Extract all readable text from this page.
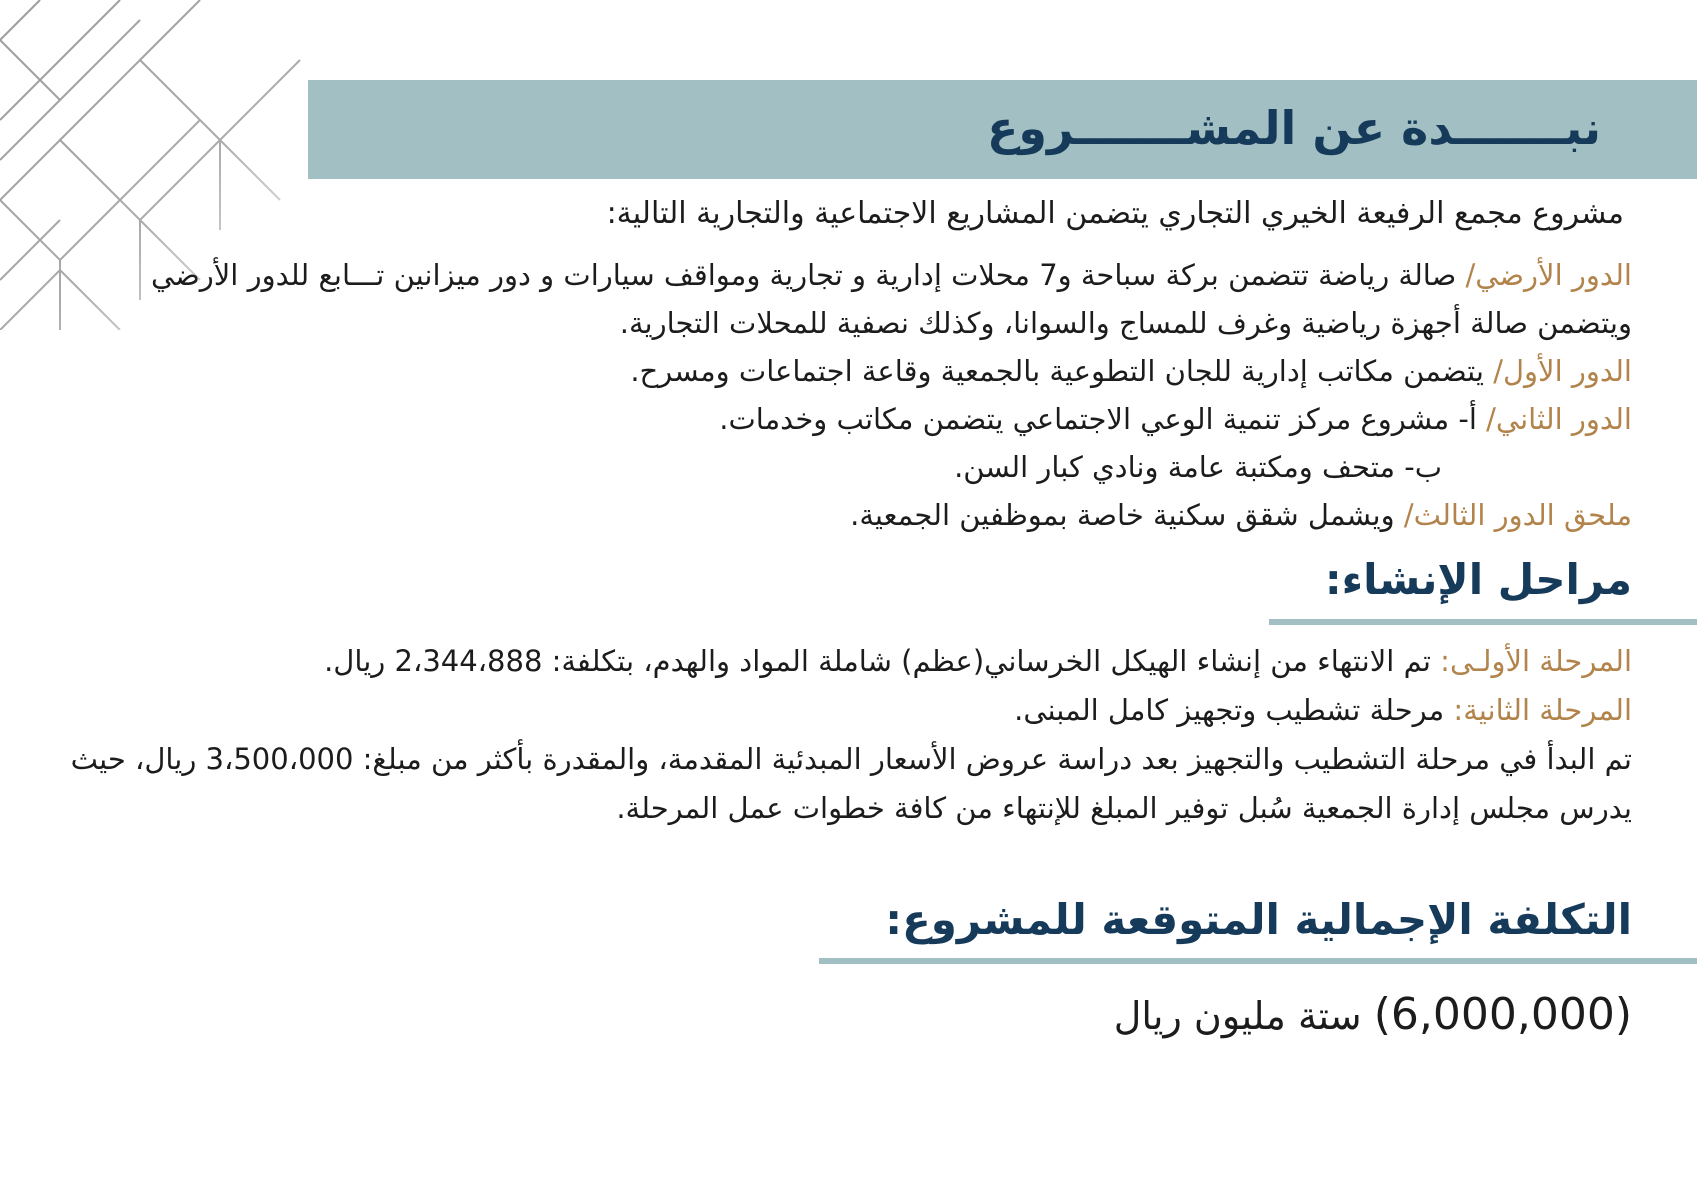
نبـــــــدة عن المشـــــــروع

مشروع مجمع الرفيعة الخيري التجاري يتضمن المشاريع الاجتماعية والتجارية التالية:

الدور الأرضي/ صالة رياضة تتضمن بركة سباحة و7 محلات إدارية و تجارية ومواقف سيارات و دور ميزانين تـــابع للدور الأرضي ويتضمن صالة أجهزة رياضية وغرف للمساج والسوانا، وكذلك نصفية للمحلات التجارية.

الدور الأول/ يتضمن مكاتب إدارية للجان التطوعية بالجمعية وقاعة اجتماعات ومسرح.

الدور الثاني/ أ- مشروع مركز تنمية الوعي الاجتماعي يتضمن مكاتب وخدمات.

ب- متحف ومكتبة عامة ونادي كبار السن.

ملحق الدور الثالث/ ويشمل شقق سكنية خاصة بموظفين الجمعية.

مراحل الإنشاء:

المرحلة الأولـى: تم الانتهاء من إنشاء الهيكل الخرساني(عظم) شاملة المواد والهدم، بتكلفة: 2،344،888 ريال.

المرحلة الثانية: مرحلة تشطيب وتجهيز كامل المبنى.

تم البدأ في مرحلة التشطيب والتجهيز بعد دراسة عروض الأسعار المبدئية المقدمة، والمقدرة بأكثر من مبلغ: 3،500،000 ريال، حيث يدرس مجلس إدارة الجمعية سُبل توفير المبلغ للإنتهاء من كافة خطوات عمل المرحلة.

التكلفة الإجمالية المتوقعة للمشروع:

(6,000,000) ستة مليون ريال
